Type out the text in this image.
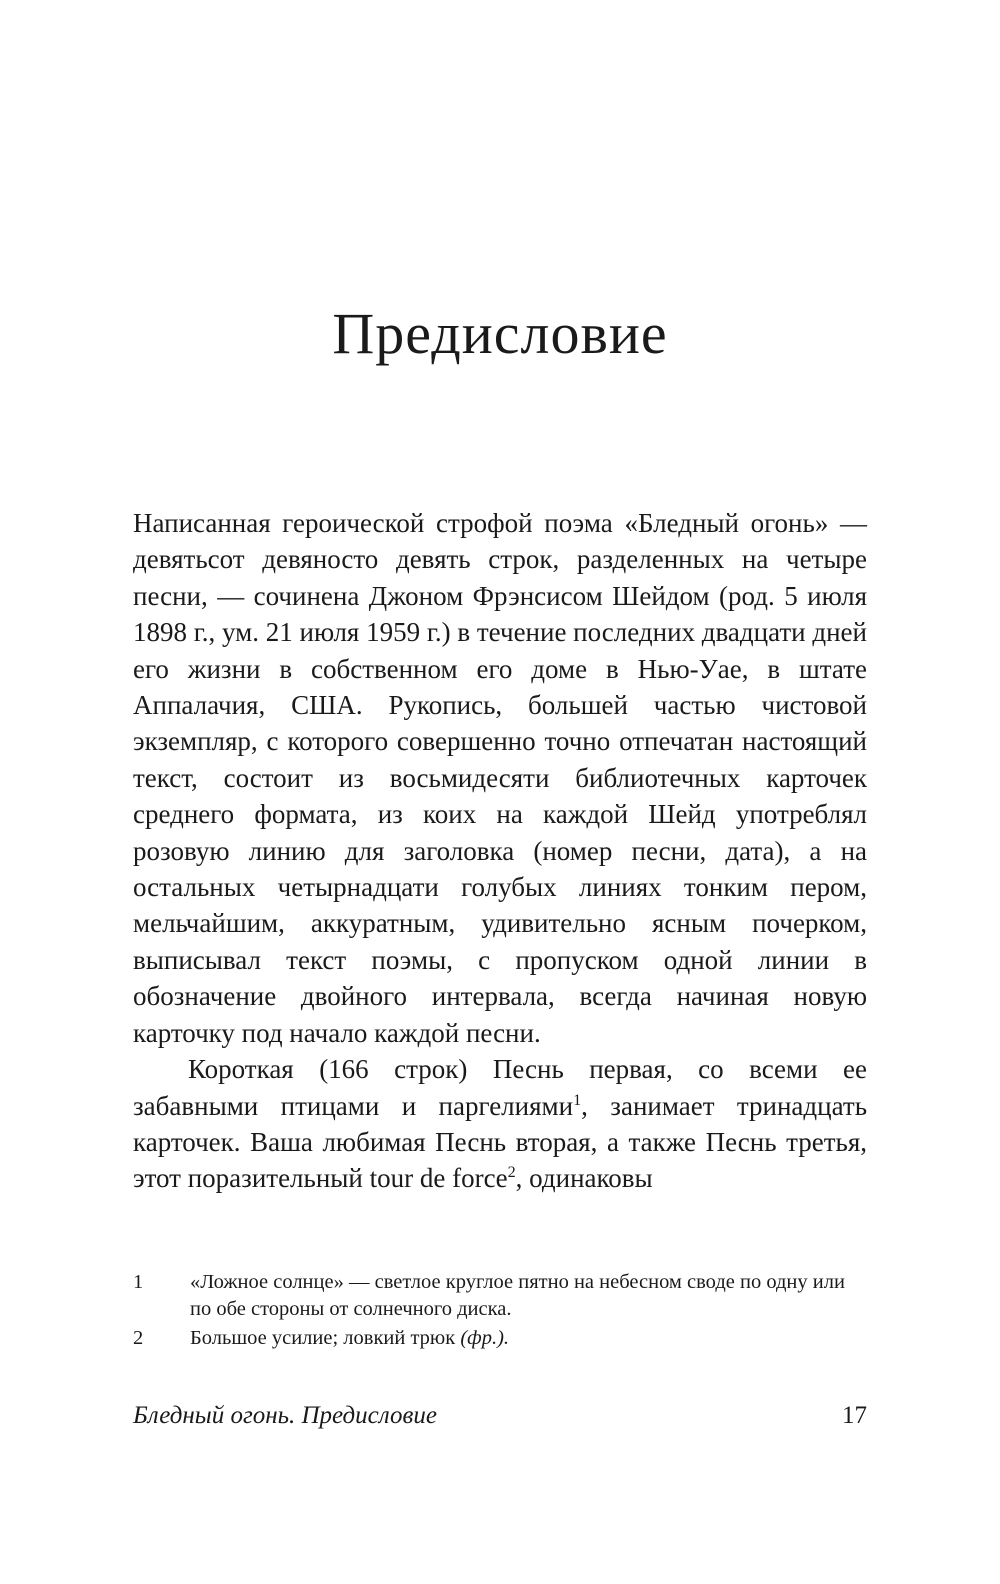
Предисловие

Написанная героической строфой поэма «Бледный огонь» — девятьсот девяносто девять строк, разделенных на четыре песни, — сочинена Джоном Фрэнсисом Шейдом (род. 5 июля 1898 г., ум. 21 июля 1959 г.) в течение последних двадцати дней его жизни в собственном его доме в Нью-Уае, в штате Аппалачия, США. Рукопись, большей частью чистовой экземпляр, с которого совершенно точно отпечатан настоящий текст, состоит из восьмидесяти библиотечных карточек среднего формата, из коих на каждой Шейд употреблял розовую линию для заголовка (номер песни, дата), а на остальных четырнадцати голубых линиях тонким пером, мельчайшим, аккуратным, удивительно ясным почерком, выписывал текст поэмы, с пропуском одной линии в обозначение двойного интервала, всегда начиная новую карточку под начало каждой песни.

Короткая (166 строк) Песнь первая, со всеми ее забавными птицами и паргелиями$^1$, занимает тринадцать карточек. Ваша любимая Песнь вторая, а также Песнь третья, этот поразительный tour de force$^2$, одинаковы

1 «Ложное солнце» — светлое круглое пятно на небесном своде по одну или по обе стороны от солнечного диска.

2 Большое усилие; ловкий трюк (фр.).

Бледный огонь. Предисловие	17
